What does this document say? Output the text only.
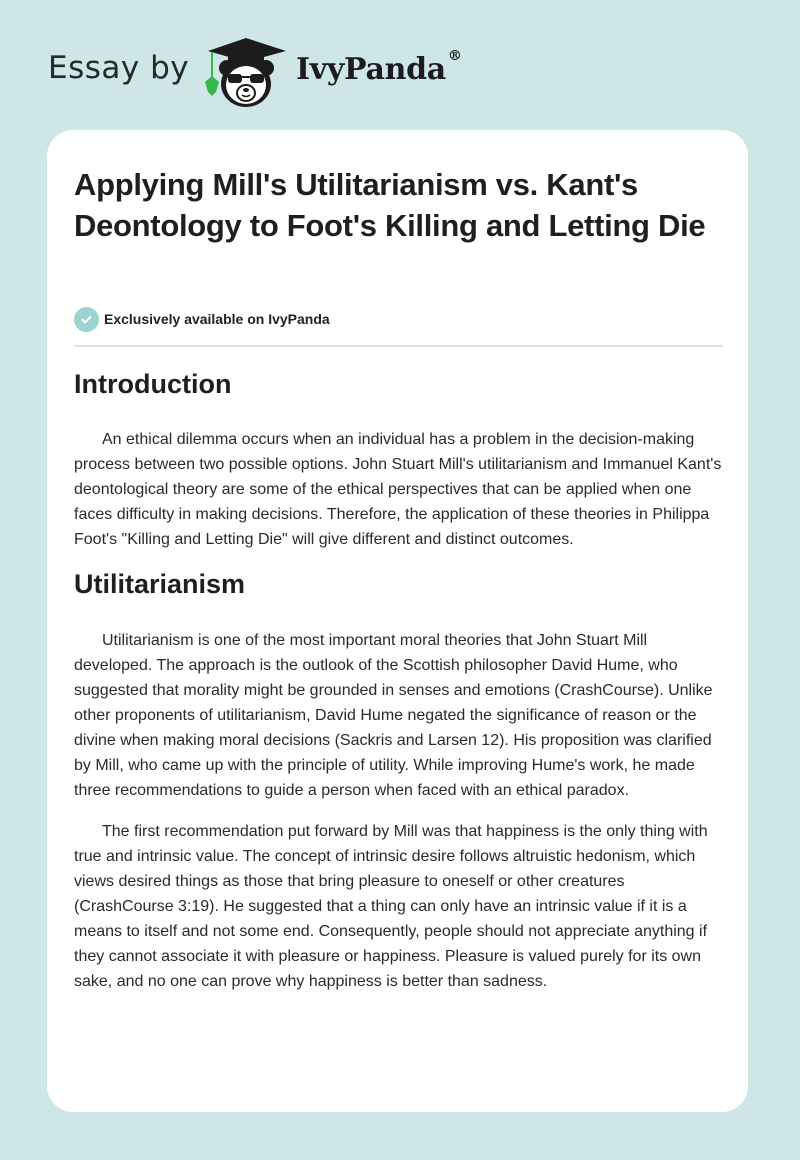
Essay by	IvyPanda ®
Applying Mill's Utilitarianism vs. Kant's Deontology to Foot's Killing and Letting Die
Exclusively available on IvyPanda
Introduction

An ethical dilemma occurs when an individual has a problem in the decision-making process between two possible options. John Stuart Mill's utilitarianism and Immanuel Kant's deontological theory are some of the ethical perspectives that can be applied when one faces difficulty in making decisions. Therefore, the application of these theories in Philippa Foot's "Killing and Letting Die" will give different and distinct outcomes.

Utilitarianism

Utilitarianism is one of the most important moral theories that John Stuart Mill developed. The approach is the outlook of the Scottish philosopher David Hume, who suggested that morality might be grounded in senses and emotions (CrashCourse). Unlike other proponents of utilitarianism, David Hume negated the significance of reason or the divine when making moral decisions (Sackris and Larsen 12). His proposition was clarified by Mill, who came up with the principle of utility. While improving Hume's work, he made three recommendations to guide a person when faced with an ethical paradox.

The first recommendation put forward by Mill was that happiness is the only thing with true and intrinsic value. The concept of intrinsic desire follows altruistic hedonism, which views desired things as those that bring pleasure to oneself or other creatures (CrashCourse 3:19). He suggested that a thing can only have an intrinsic value if it is a means to itself and not some end. Consequently, people should not appreciate anything if they cannot associate it with pleasure or happiness. Pleasure is valued purely for its own sake, and no one can prove why happiness is better than sadness.
